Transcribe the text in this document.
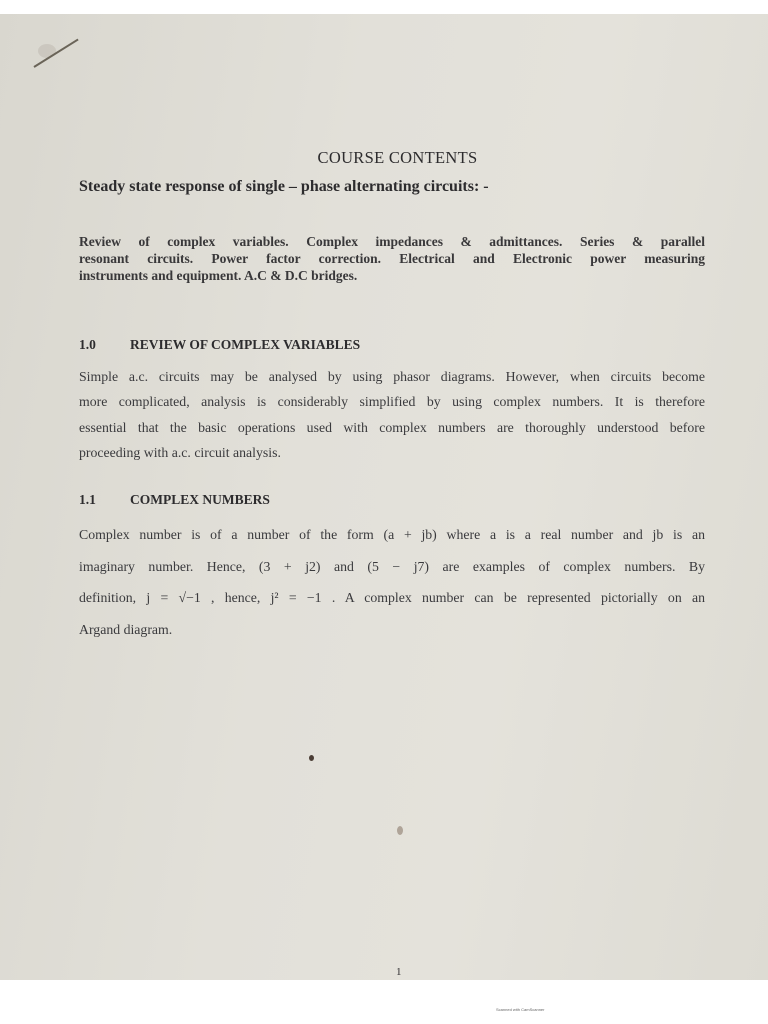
COURSE CONTENTS
Steady state response of single – phase alternating circuits: -
Review of complex variables. Complex impedances & admittances. Series & parallel
resonant circuits. Power factor correction. Electrical and Electronic power measuring
instruments and equipment. A.C & D.C bridges.
1.0	REVIEW OF COMPLEX VARIABLES
Simple a.c. circuits may be analysed by using phasor diagrams. However, when circuits become
more complicated, analysis is considerably simplified by using complex numbers. It is therefore
essential that the basic operations used with complex numbers are thoroughly understood before
proceeding with a.c. circuit analysis.
1.1	COMPLEX NUMBERS
Complex number is of a number of the form (a + jb) where a is a real number and jb is an
imaginary number. Hence, (3 + j2) and (5 − j7) are examples of complex numbers. By
definition, j = √−1 , hence, j² = −1 . A complex number can be represented pictorially on an
Argand diagram.
1
Scanned with CamScanner
